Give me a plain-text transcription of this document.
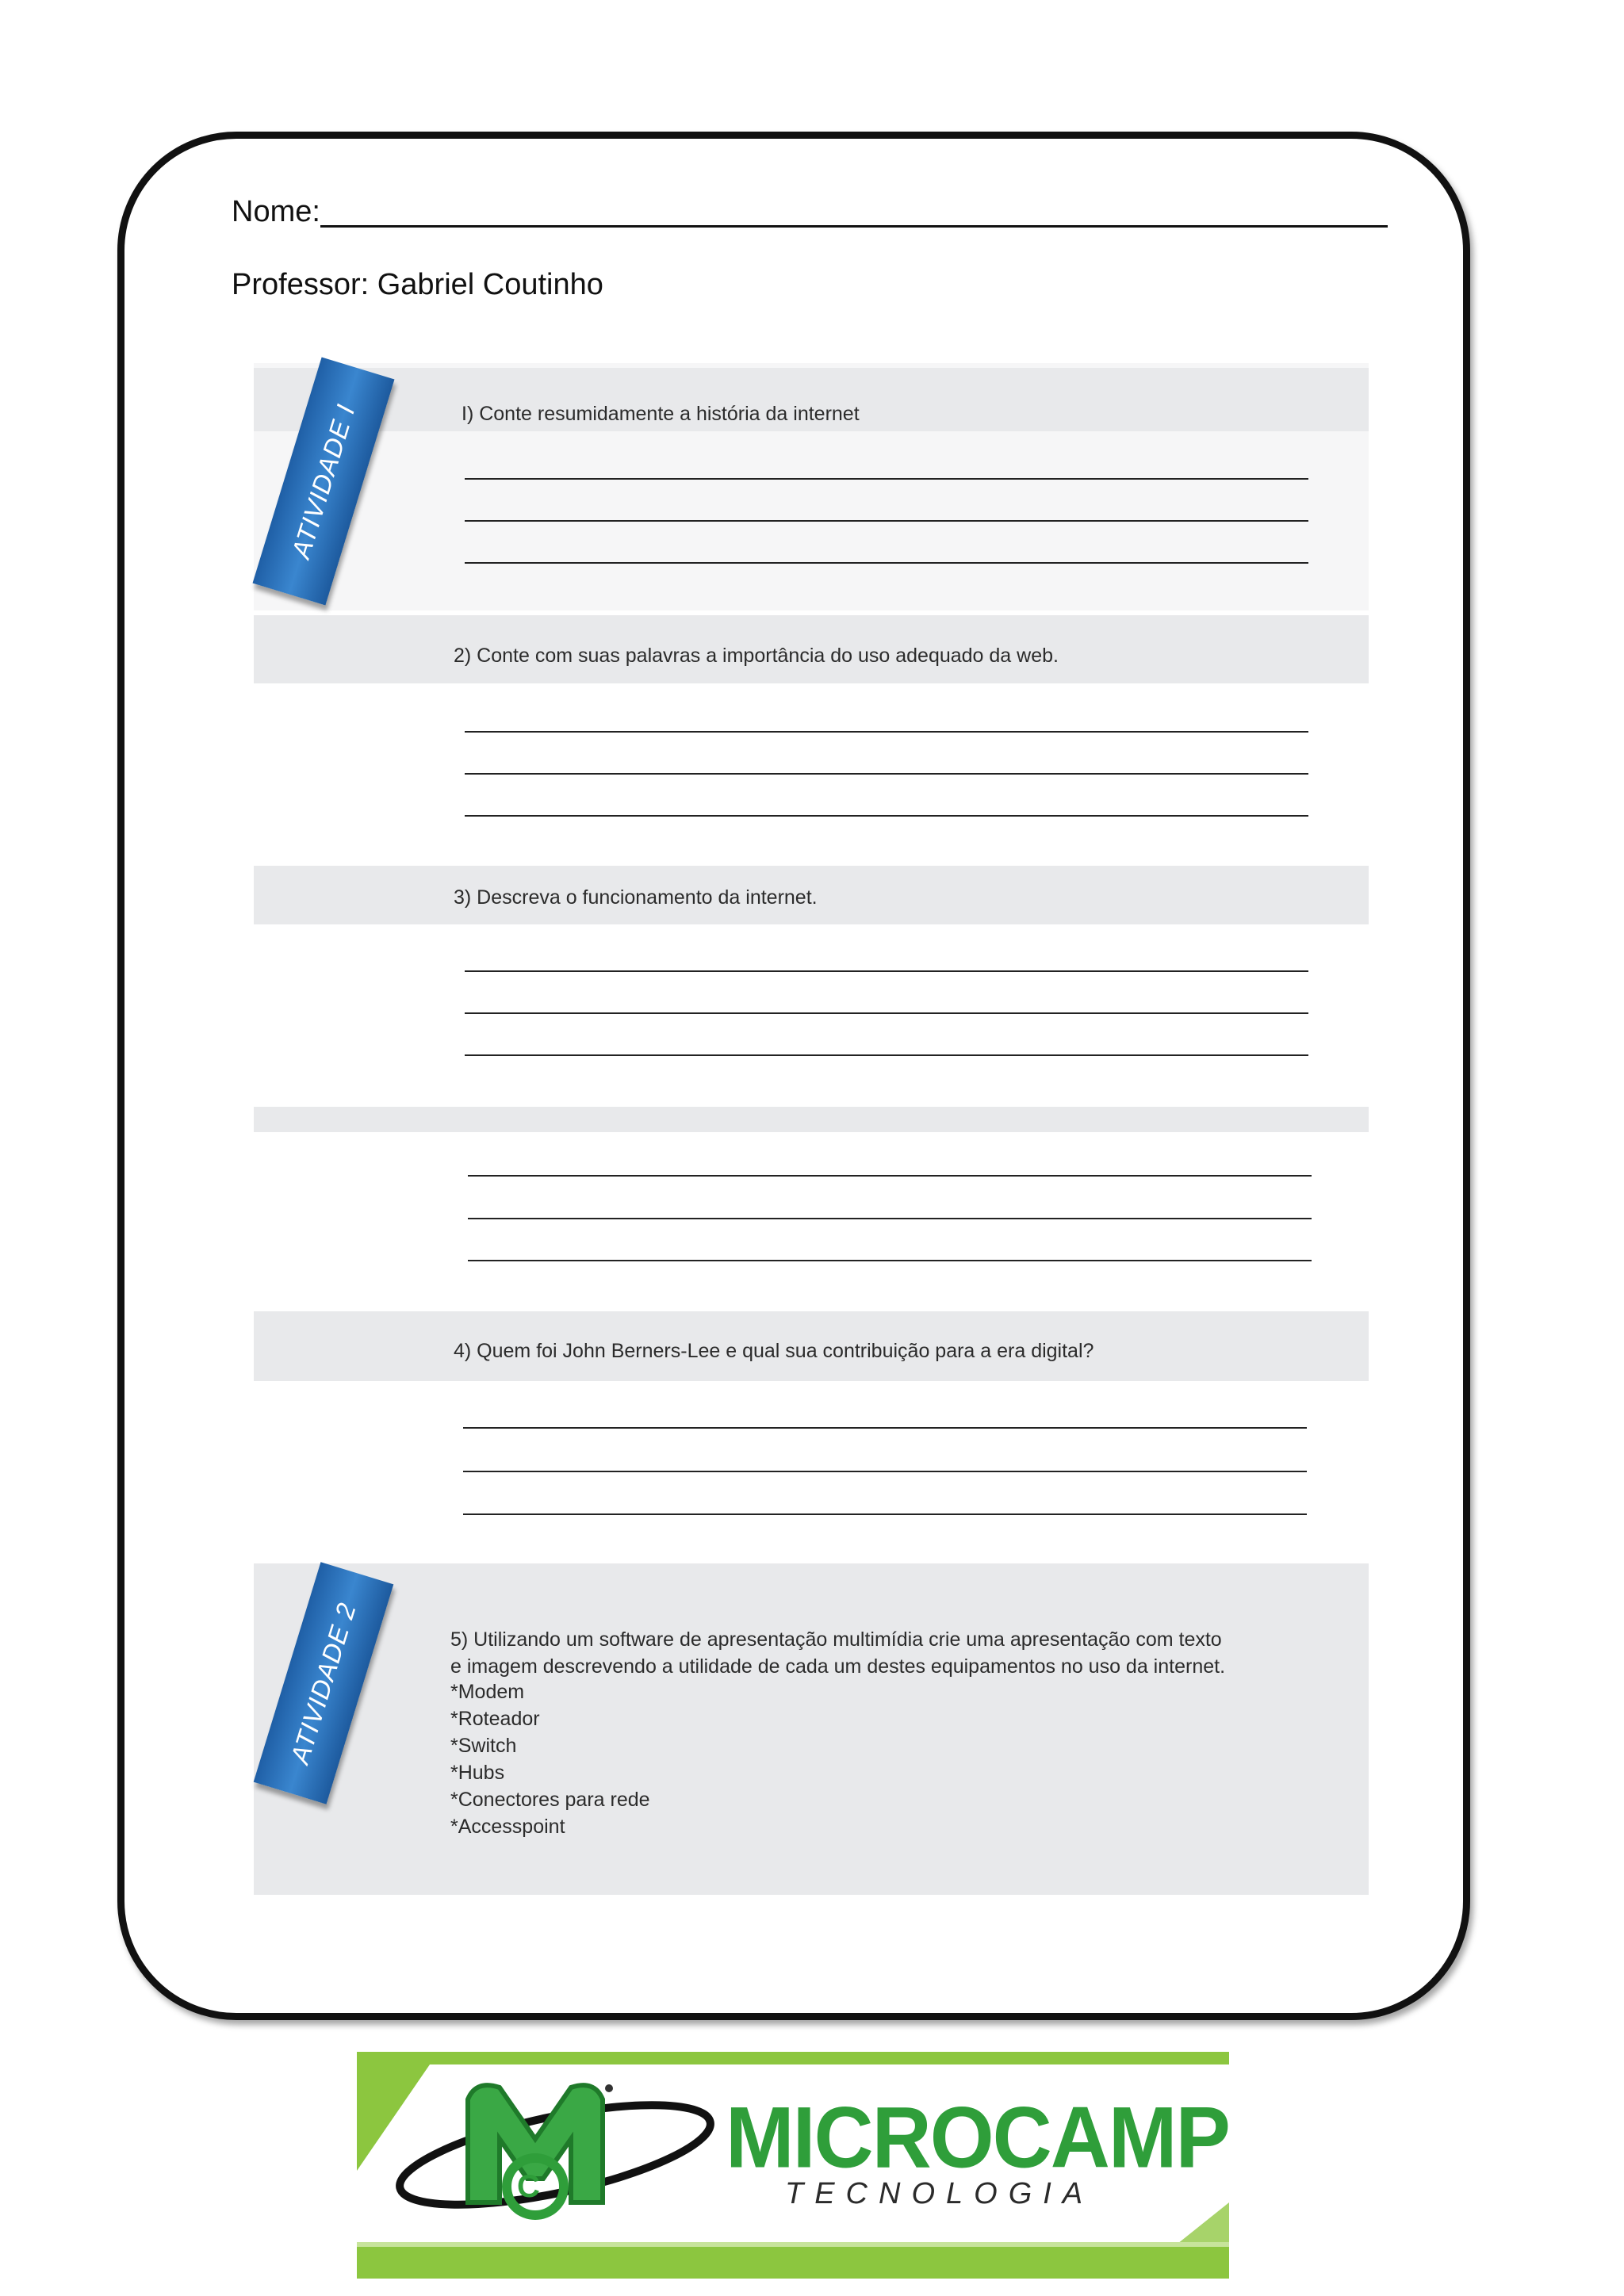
Nome:
Professor: Gabriel Coutinho
I) Conte resumidamente a história da internet
ATIVIDADE I
2) Conte com suas palavras a importância do uso adequado da web.
3) Descreva o funcionamento da internet.
4) Quem foi John Berners-Lee e qual sua contribuição para a era digital?
5) Utilizando um software de apresentação multimídia crie uma apresentação com texto
e imagem descrevendo a utilidade de cada um destes equipamentos no uso da internet.
*Modem
*Roteador
*Switch
*Hubs
*Conectores para rede
*Accesspoint
ATIVIDADE 2
C
MICROCAMP
TECNOLOGIA
